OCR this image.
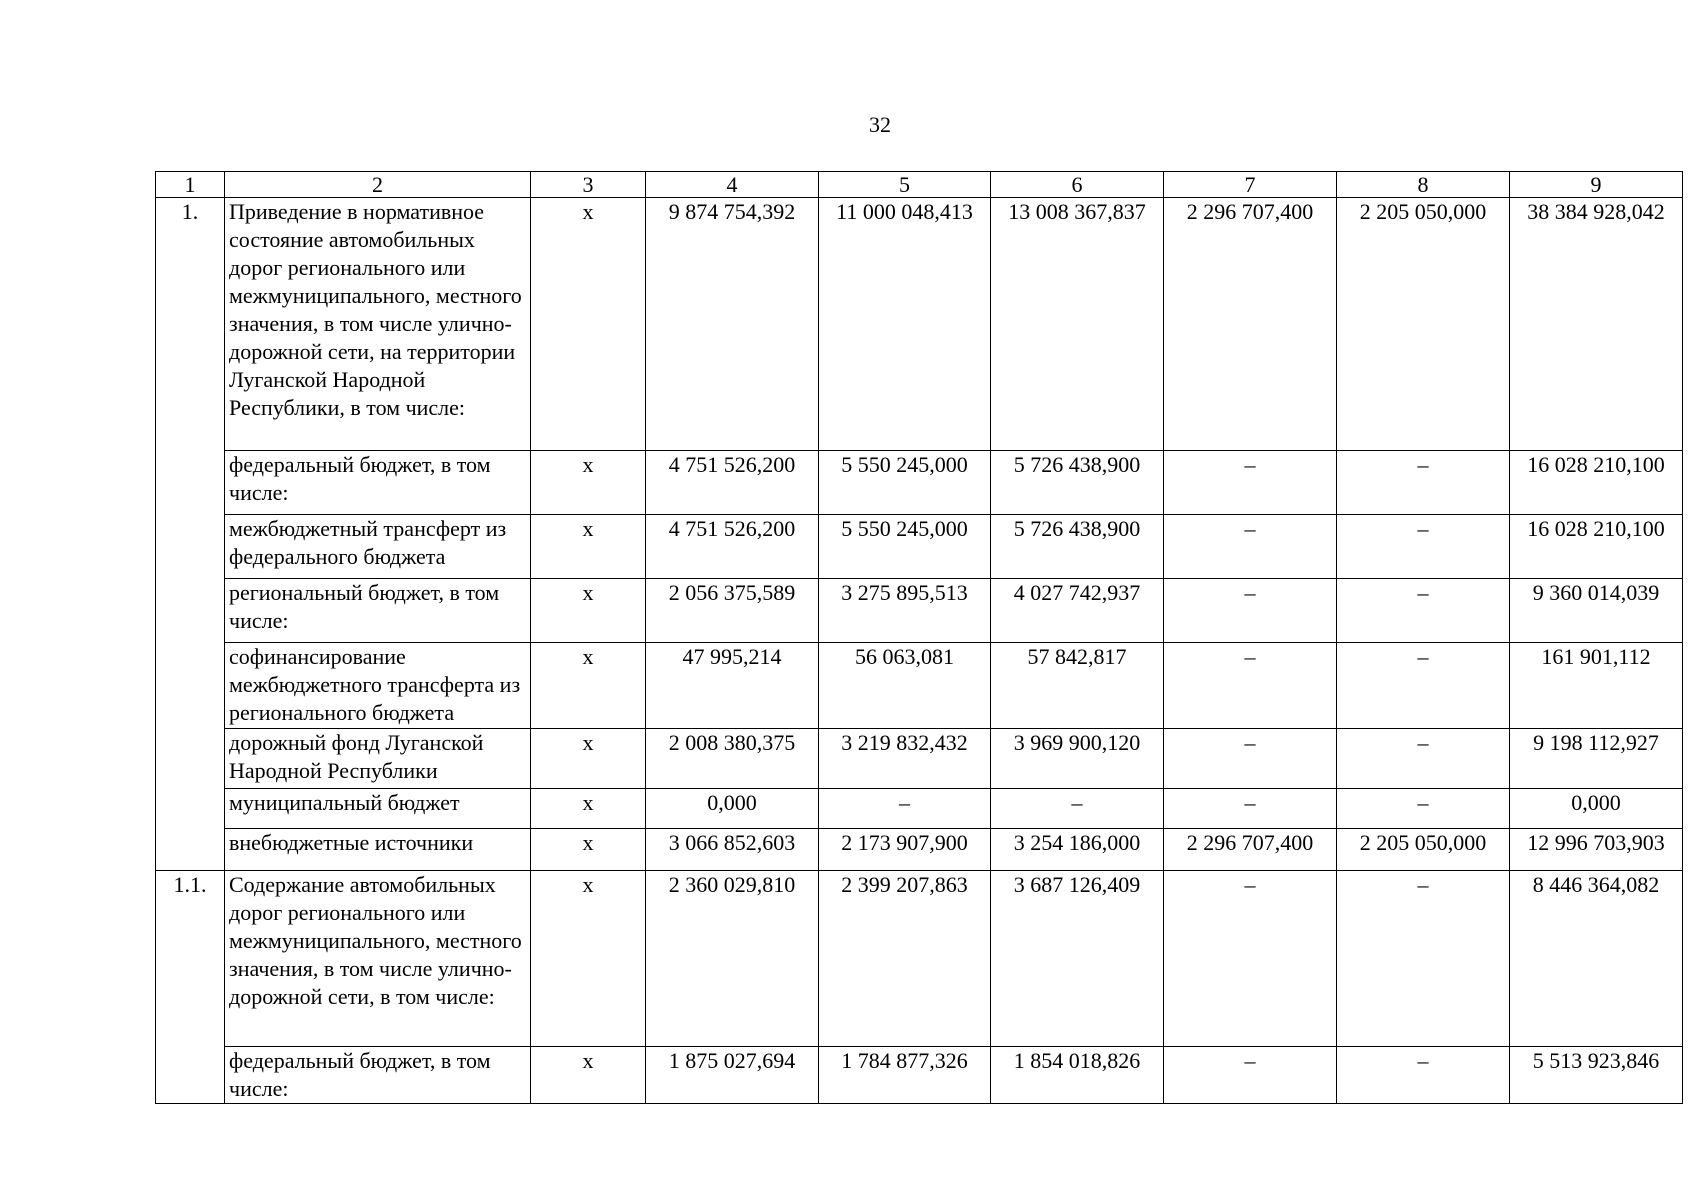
32
1	2	3	4	5	6	7	8	9
1.	Приведение в нормативное состояние автомобильных дорог регионального или межмуниципального, местного значения, в том числе улично-дорожной сети, на территории Луганской Народной Республики, в том числе:	х	9 874 754,392	11 000 048,413	13 008 367,837	2 296 707,400	2 205 050,000	38 384 928,042
	федеральный бюджет, в том числе:	х	4 751 526,200	5 550 245,000	5 726 438,900	–	–	16 028 210,100
	межбюджетный трансферт из федерального бюджета	х	4 751 526,200	5 550 245,000	5 726 438,900	–	–	16 028 210,100
	региональный бюджет, в том числе:	х	2 056 375,589	3 275 895,513	4 027 742,937	–	–	9 360 014,039
	софинансирование межбюджетного трансферта из регионального бюджета	х	47 995,214	56 063,081	57 842,817	–	–	161 901,112
	дорожный фонд Луганской Народной Республики	х	2 008 380,375	3 219 832,432	3 969 900,120	–	–	9 198 112,927
	муниципальный бюджет	х	0,000	–	–	–	–	0,000
	внебюджетные источники	х	3 066 852,603	2 173 907,900	3 254 186,000	2 296 707,400	2 205 050,000	12 996 703,903
1.1.	Содержание автомобильных дорог регионального или межмуниципального, местного значения, в том числе улично-дорожной сети, в том числе:	х	2 360 029,810	2 399 207,863	3 687 126,409	–	–	8 446 364,082
	федеральный бюджет, в том числе:	х	1 875 027,694	1 784 877,326	1 854 018,826	–	–	5 513 923,846
